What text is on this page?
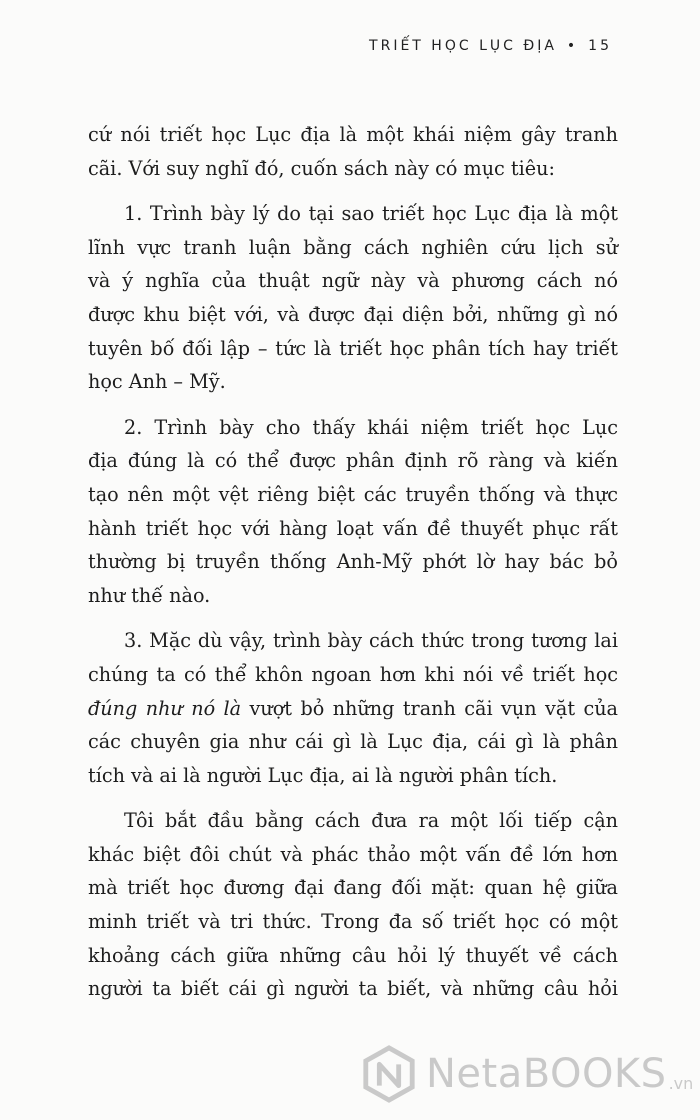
TRIẾT HỌC LỤC ĐỊA • 15
cứ nói triết học Lục địa là một khái niệm gây tranh
cãi. Với suy nghĩ đó, cuốn sách này có mục tiêu:
1. Trình bày lý do tại sao triết học Lục địa là một
lĩnh vực tranh luận bằng cách nghiên cứu lịch sử
và ý nghĩa của thuật ngữ này và phương cách nó
được khu biệt với, và được đại diện bởi, những gì nó
tuyên bố đối lập – tức là triết học phân tích hay triết
học Anh – Mỹ.
2. Trình bày cho thấy khái niệm triết học Lục
địa đúng là có thể được phân định rõ ràng và kiến
tạo nên một vệt riêng biệt các truyền thống và thực
hành triết học với hàng loạt vấn đề thuyết phục rất
thường bị truyền thống Anh-Mỹ phớt lờ hay bác bỏ
như thế nào.
3. Mặc dù vậy, trình bày cách thức trong tương lai
chúng ta có thể khôn ngoan hơn khi nói về triết học
đúng như nó là vượt bỏ những tranh cãi vụn vặt của
các chuyên gia như cái gì là Lục địa, cái gì là phân
tích và ai là người Lục địa, ai là người phân tích.
Tôi bắt đầu bằng cách đưa ra một lối tiếp cận
khác biệt đôi chút và phác thảo một vấn đề lớn hơn
mà triết học đương đại đang đối mặt: quan hệ giữa
minh triết và tri thức. Trong đa số triết học có một
khoảng cách giữa những câu hỏi lý thuyết về cách
người ta biết cái gì người ta biết, và những câu hỏi
NetaBOOKS .vn
